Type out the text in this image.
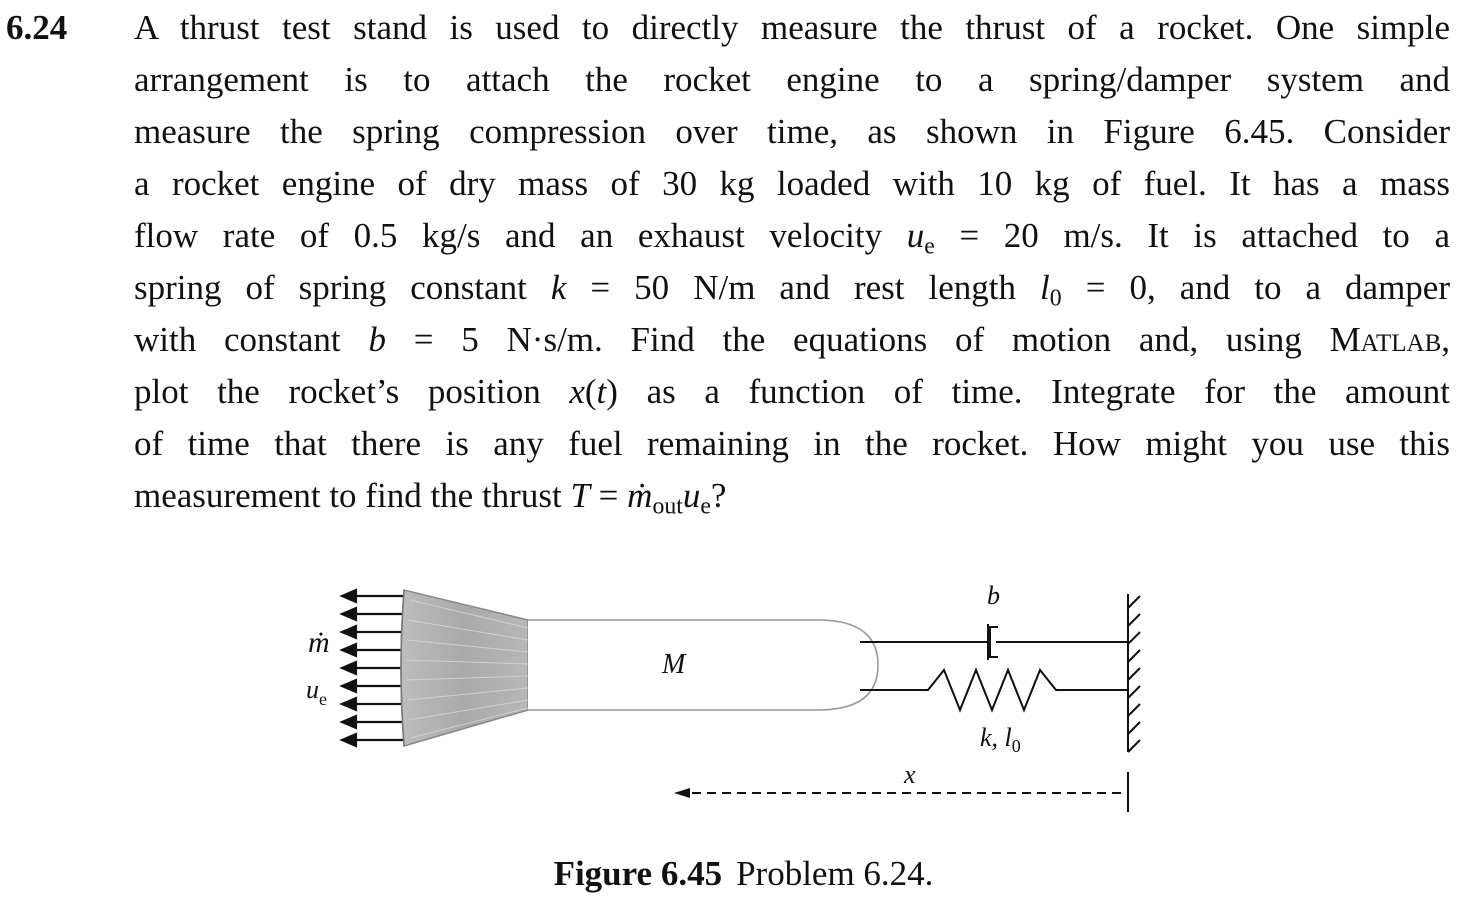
6.24 A thrust test stand is used to directly measure the thrust of a rocket. One simple
arrangement is to attach the rocket engine to a spring/damper system and
measure the spring compression over time, as shown in Figure 6.45. Consider
a rocket engine of dry mass of 30 kg loaded with 10 kg of fuel. It has a mass
flow rate of 0.5 kg/s and an exhaust velocity $u_e = 20$ m/s. It is attached to a
spring of spring constant k = 50 N/m and rest length $l_0 = 0$, and to a damper
with constant b = 5 N·s/m. Find the equations of motion and, using Matlab,
plot the rocket’s position x(t) as a function of time. Integrate for the amount
of time that there is any fuel remaining in the rocket. How might you use this
measurement to find the thrust $T = ṁ_{out}u_e$?
ṁ
$u_e$
M
b
k, $l_0$
x
Figure 6.45 Problem 6.24.
